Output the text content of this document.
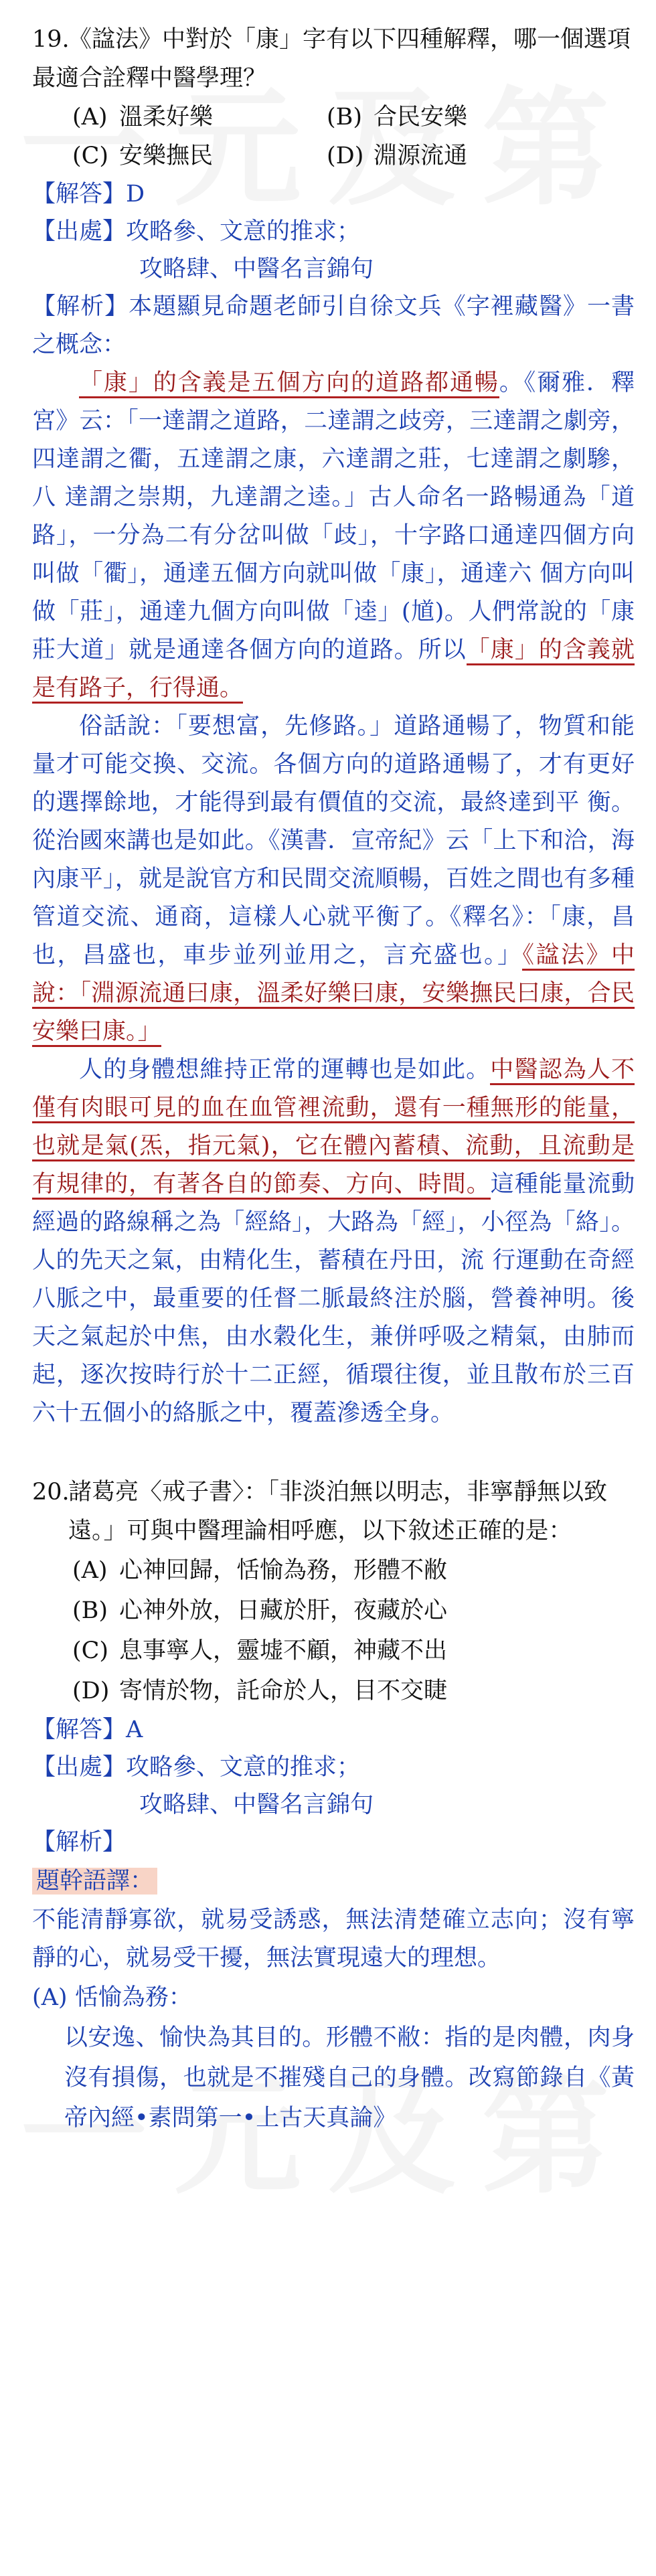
19.《諡法》中對於「康」字有以下四種解釋，哪一個選項最適合詮釋中醫學理？
(A) 溫柔好樂	(B) 合民安樂
(C) 安樂撫民	(D) 淵源流通
【解答】D
【出處】攻略參、文意的推求；
攻略肆、中醫名言錦句
【解析】本題顯見命題老師引自徐文兵《字裡藏醫》一書之概念：
「康」的含義是五個方向的道路都通暢。《爾雅．釋宮》云：「一達謂之道路，二達謂之歧旁，三達謂之劇旁，四達謂之衢，五達謂之康，六達謂之莊，七達謂之劇驂，八 達謂之崇期，九達謂之逵。」古人命名一路暢通為「道路」，一分為二有分岔叫做「歧」，十字路口通達四個方向叫做「衢」，通達五個方向就叫做「康」，通達六 個方向叫做「莊」，通達九個方向叫做「逵」(馗)。人們常說的「康莊大道」就是通達各個方向的道路。所以「康」的含義就是有路子，行得通。
俗話說：「要想富，先修路。」道路通暢了，物質和能量才可能交換、交流。各個方向的道路通暢了，才有更好的選擇餘地，才能得到最有價值的交流，最終達到平 衡。從治國來講也是如此。《漢書．宣帝紀》云「上下和洽，海內康平」，就是說官方和民間交流順暢，百姓之間也有多種管道交流、通商，這樣人心就平衡了。《釋名》：「康，昌也，昌盛也，車步並列並用之，言充盛也。」《諡法》中說：「淵源流通曰康，溫柔好樂曰康，安樂撫民曰康，合民安樂曰康。」
人的身體想維持正常的運轉也是如此。中醫認為人不僅有肉眼可見的血在血管裡流動，還有一種無形的能量，也就是氣(炁，指元氣)，它在體內蓄積、流動，且流動是有規律的，有著各自的節奏、方向、時間。這種能量流動經過的路線稱之為「經絡」，大路為「經」，小徑為「絡」。人的先天之氣，由精化生，蓄積在丹田，流 行運動在奇經八脈之中，最重要的任督二脈最終注於腦，營養神明。後天之氣起於中焦，由水穀化生，兼併呼吸之精氣，由肺而起，逐次按時行於十二正經，循環往復，並且散布於三百六十五個小的絡脈之中，覆蓋滲透全身。
20.
諸葛亮〈戒子書〉：「非淡泊無以明志，非寧靜無以致遠。」可與中醫理論相呼應，以下敘述正確的是：
(A) 心神回歸，恬愉為務，形體不敝
(B) 心神外放，日藏於肝，夜藏於心
(C) 息事寧人，靈墟不顧，神藏不出
(D) 寄情於物，託命於人，目不交睫
【解答】A
【出處】攻略參、文意的推求；
攻略肆、中醫名言錦句
【解析】
題幹語譯：
不能清靜寡欲，就易受誘惑，無法清楚確立志向；沒有寧靜的心，就易受干擾，無法實現遠大的理想。
(A) 恬愉為務：
以安逸、愉快為其目的。形體不敝：指的是肉體，肉身沒有損傷，也就是不摧殘自己的身體。改寫節錄自《黃帝內經•素問第一•上古天真論》
